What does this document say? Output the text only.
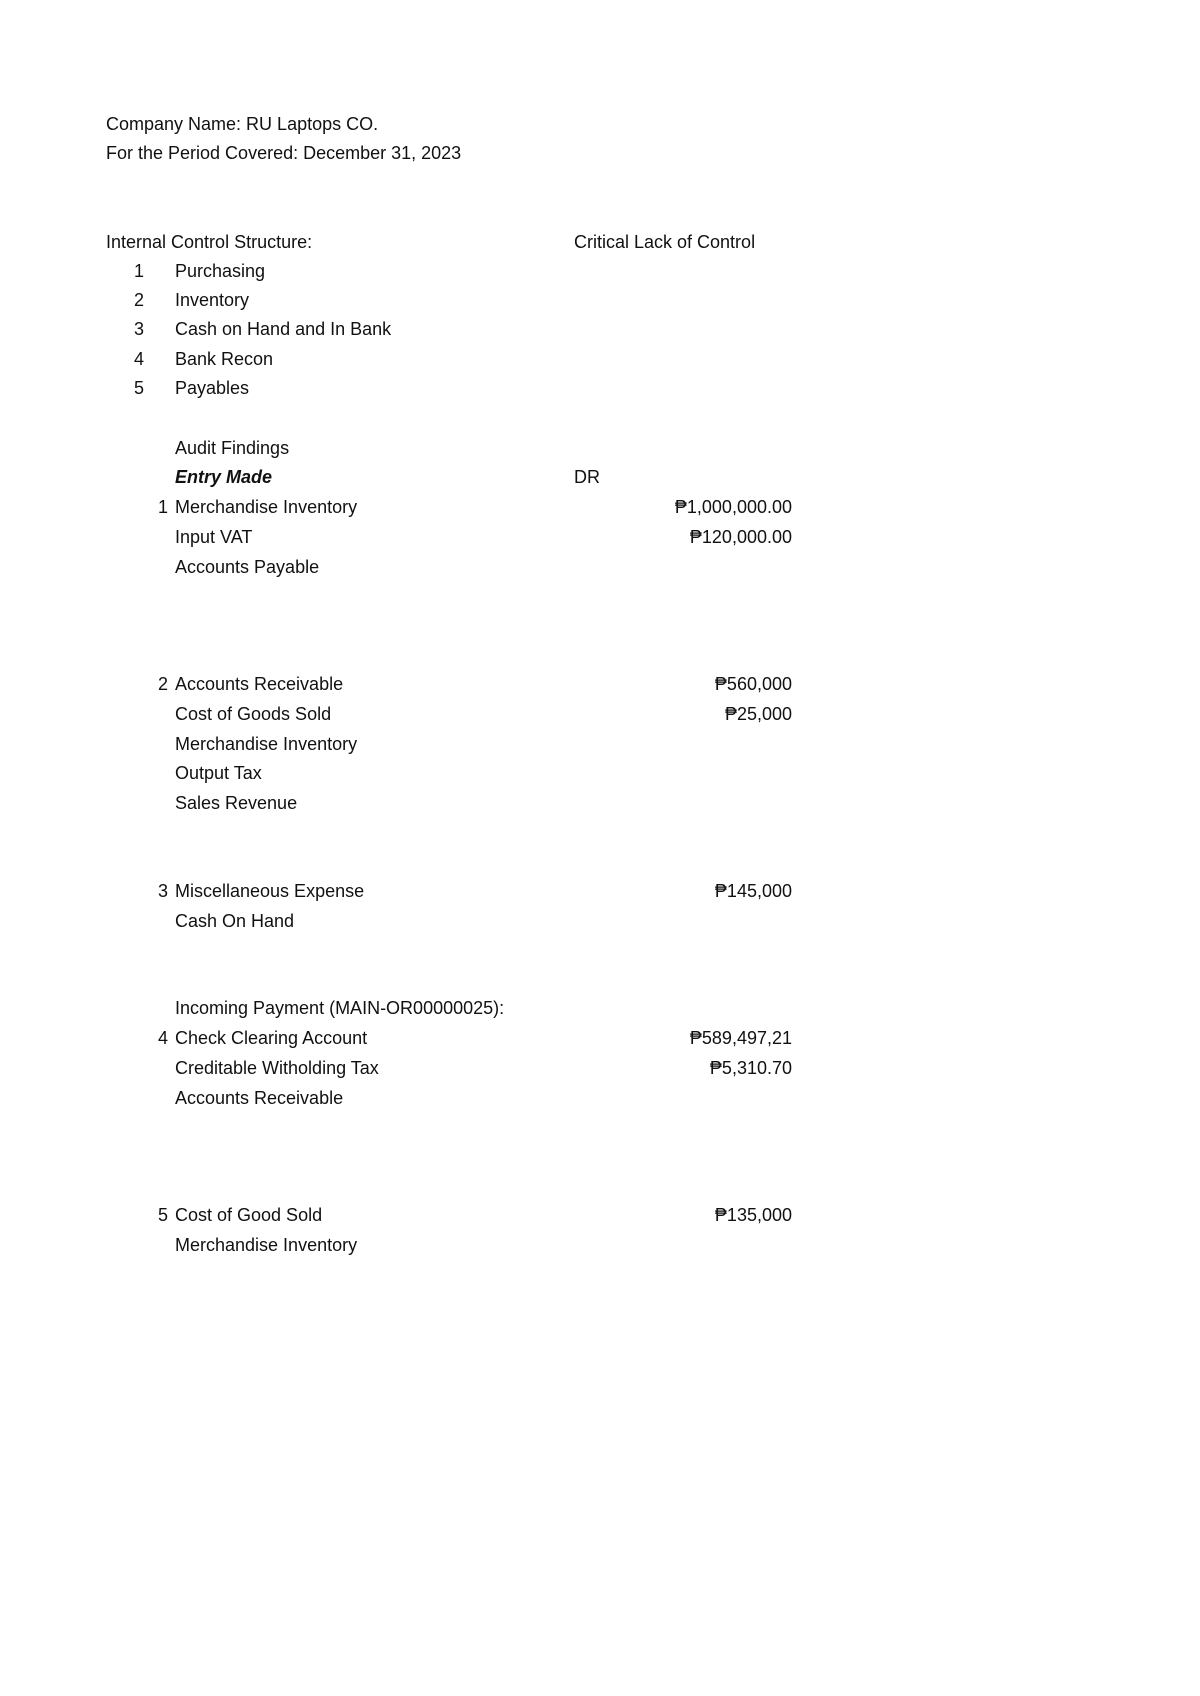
Company Name: RU Laptops CO.
For the Period Covered: December 31, 2023
Internal Control Structure:	Critical Lack of Control
1 Purchasing
2 Inventory
3 Cash on Hand and In Bank
4 Bank Recon
5 Payables
Audit Findings
Entry Made	DR
1 Merchandise Inventory	₱1,000,000.00
Input VAT	₱120,000.00
Accounts Payable
2 Accounts Receivable	₱560,000
Cost of Goods Sold	₱25,000
Merchandise Inventory
Output Tax
Sales Revenue
3 Miscellaneous Expense	₱145,000
Cash On Hand
Incoming Payment (MAIN-OR00000025):
4 Check Clearing Account	₱589,497,21
Creditable Witholding Tax	₱5,310.70
Accounts Receivable
5 Cost of Good Sold	₱135,000
Merchandise Inventory
